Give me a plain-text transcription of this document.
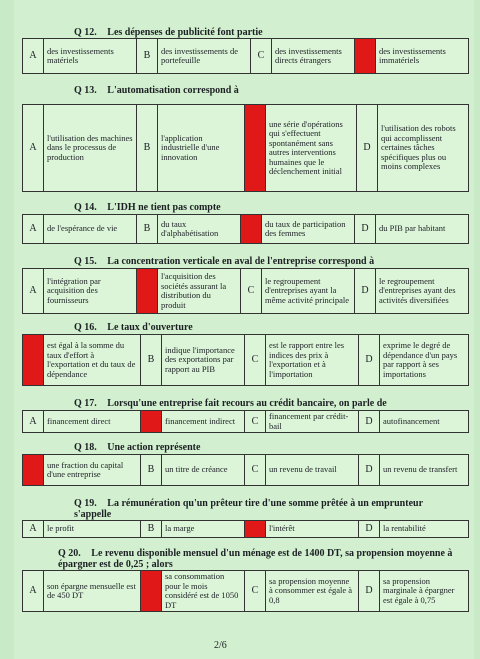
Q 12. Les dépenses de publicité font partie
A	des investissements matériels	B	des investissements de portefeuille	C	des investissements directs étrangers		des investissements immatériels
Q 13. L'automatisation correspond à
A	l'utilisation des machines dans le processus de production	B	l'application industrielle d'une innovation		une série d'opérations qui s'effectuent spontanément sans autres interventions humaines que le déclenchement initial	D	l'utilisation des robots qui accomplissent certaines tâches spécifiques plus ou moins complexes
Q 14. L'IDH ne tient pas compte
A	de l'espérance de vie	B	du taux d'alphabétisation		du taux de participation des femmes	D	du PIB par habitant
Q 15. La concentration verticale en aval de l'entreprise correspond à
A	l'intégration par acquisition des fournisseurs		l'acquisition des sociétés assurant la distribution du produit	C	le regroupement d'entreprises ayant la même activité principale	D	le regroupement d'entreprises ayant des activités diversifiées
Q 16. Le taux d'ouverture
	est égal à la somme du taux d'effort à l'exportation et du taux de dépendance	B	indique l'importance des exportations par rapport au PIB	C	est le rapport entre les indices des prix à l'exportation et à l'importation	D	exprime le degré de dépendance d'un pays par rapport à ses importations
Q 17. Lorsqu'une entreprise fait recours au crédit bancaire, on parle de
A	financement direct		financement indirect	C	financement par crédit-bail	D	autofinancement
Q 18. Une action représente
	une fraction du capital d'une entreprise	B	un titre de créance	C	un revenu de travail	D	un revenu de transfert
Q 19. La rémunération qu'un prêteur tire d'une somme prêtée à un emprunteur s'appelle
A	le profit	B	la marge		l'intérêt	D	la rentabilité
Q 20. Le revenu disponible mensuel d'un ménage est de 1400 DT, sa propension moyenne à épargner est de 0,25 ; alors
A	son épargne mensuelle est de 450 DT		sa consommation pour le mois considéré est de 1050 DT	C	sa propension moyenne à consommer est égale à 0,8	D	sa propension marginale à épargner est égale à 0,75
2/6
